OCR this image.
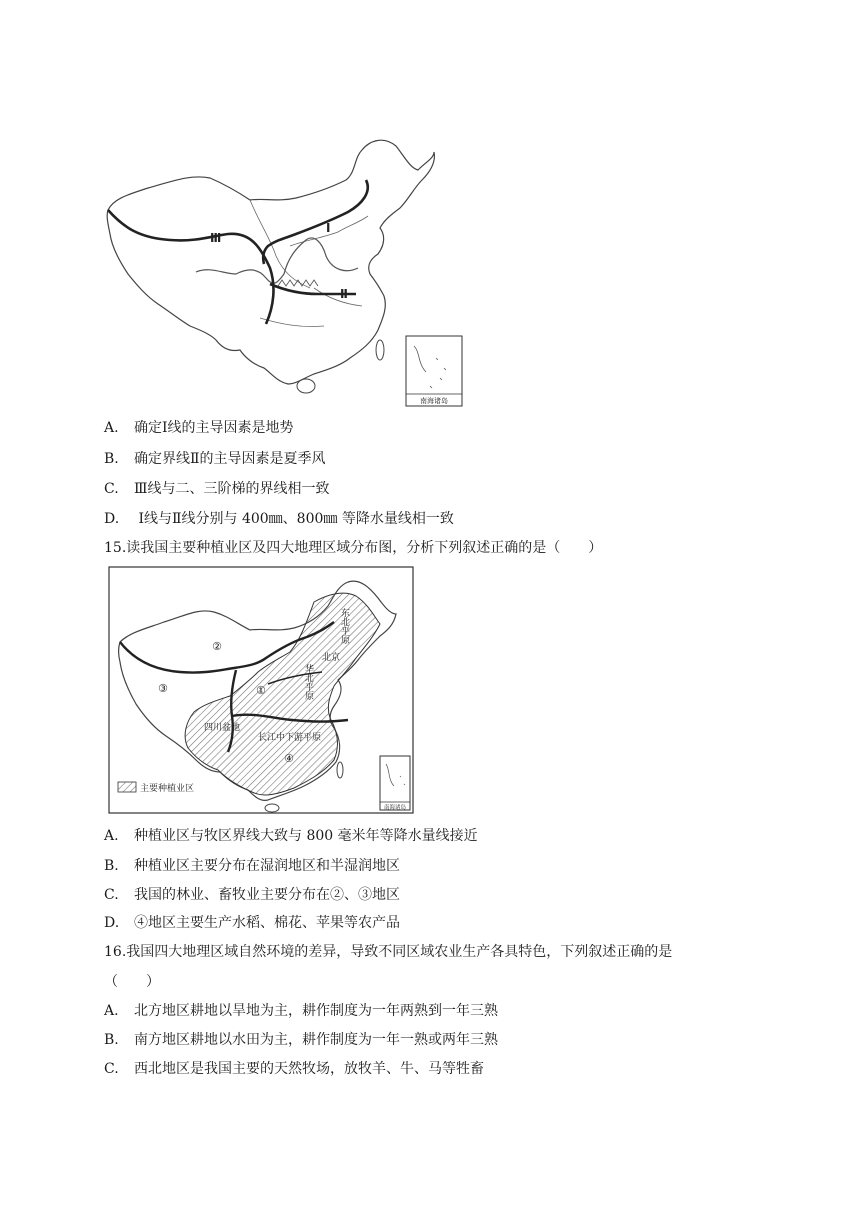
Ⅲ
Ⅰ
Ⅱ
南海诸岛
A. 确定Ⅰ线的主导因素是地势
B. 确定界线Ⅱ的主导因素是夏季风
C. Ⅲ线与二、三阶梯的界线相一致
D. Ⅰ线与Ⅱ线分别与 400㎜、800㎜ 等降水量线相一致
15.读我国主要种植业区及四大地理区域分布图，分析下列叙述正确的是（　　）
①
②
③
④
东北平原
北京
华北平原
四川盆地
长江中下游平原
主要种植业区
南海诸岛
A. 种植业区与牧区界线大致与 800 毫米年等降水量线接近
B. 种植业区主要分布在湿润地区和半湿润地区
C. 我国的林业、畜牧业主要分布在②、③地区
D. ④地区主要生产水稻、棉花、苹果等农产品
16.我国四大地理区域自然环境的差异，导致不同区域农业生产各具特色，下列叙述正确的是
（　　）
A. 北方地区耕地以旱地为主，耕作制度为一年两熟到一年三熟
B. 南方地区耕地以水田为主，耕作制度为一年一熟或两年三熟
C. 西北地区是我国主要的天然牧场，放牧羊、牛、马等牲畜
